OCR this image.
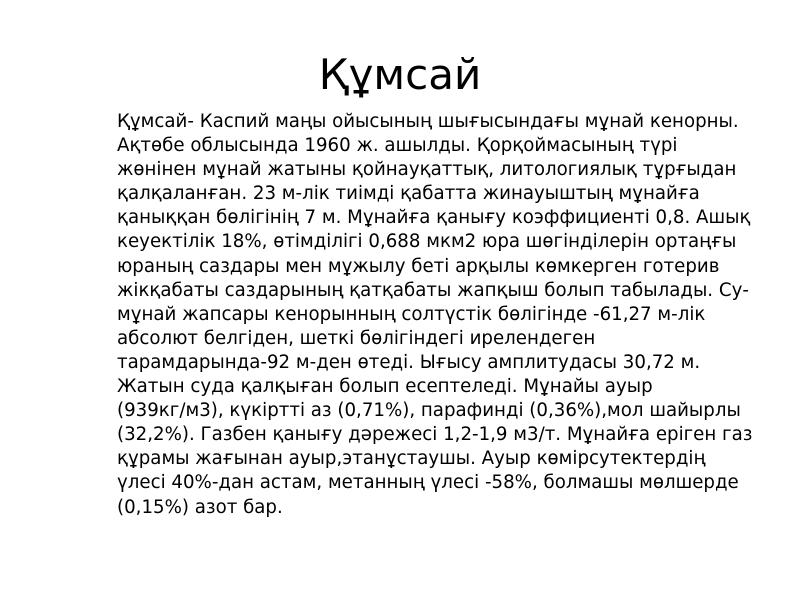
Құмсай
Құмсай- Каспий маңы ойысының шығысындағы мұнай кенорны.
Ақтөбе облысында 1960 ж. ашылды. Қорқоймасының түрі
жөнінен мұнай жатыны қойнауқаттық, литологиялық тұрғыдан
қалқаланған. 23 м-лік тиімді қабатта жинауыштың мұнайға
қаныққан бөлігінің 7 м. Мұнайға қанығу коэффициенті 0,8. Ашық
кеуектілік 18%, өтімділігі 0,688 мкм2 юра шөгінділерін ортаңғы
юраның саздары мен мұжылу беті арқылы көмкерген готерив
жікқабаты саздарының қатқабаты жапқыш болып табылады. Су-
мұнай жапсары кенорынның солтүстік бөлігінде -61,27 м-лік
абсолют белгіден, шеткі бөлігіндегі ирелендеген
тарамдарында-92 м-ден өтеді. Ығысу амплитудасы 30,72 м.
Жатын суда қалқыған болып есептеледі. Мұнайы ауыр
(939кг/м3), күкіртті аз (0,71%), парафинді (0,36%),мол шайырлы
(32,2%). Газбен қанығу дәрежесі 1,2-1,9 м3/т. Мұнайға еріген газ
құрамы жағынан ауыр,этанұстаушы. Ауыр көмірсутектердің
үлесі 40%-дан астам, метанның үлесі -58%, болмашы мөлшерде
(0,15%) азот бар.
